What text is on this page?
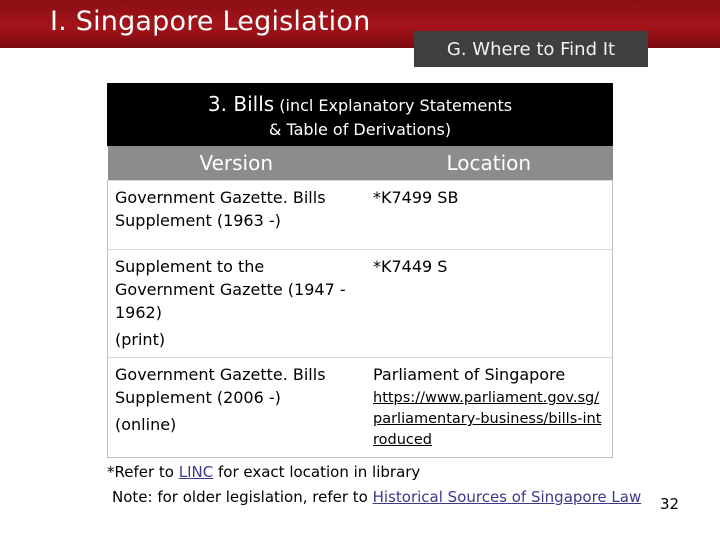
I. Singapore Legislation
G. Where to Find It
3. Bills (incl Explanatory Statements
& Table of Derivations)
Version	Location
Government Gazette. Bills Supplement (1963 -)	*K7499 SB
Supplement to the Government Gazette (1947 - 1962)
(print)	*K7449 S
Government Gazette. Bills Supplement (2006 -)
(online)	Parliament of Singapore
https://www.parliament.gov.sg/parliamentary-business/bills-introduced
*Refer to LINC for exact location in library
Note: for older legislation, refer to Historical Sources of Singapore Law 32
